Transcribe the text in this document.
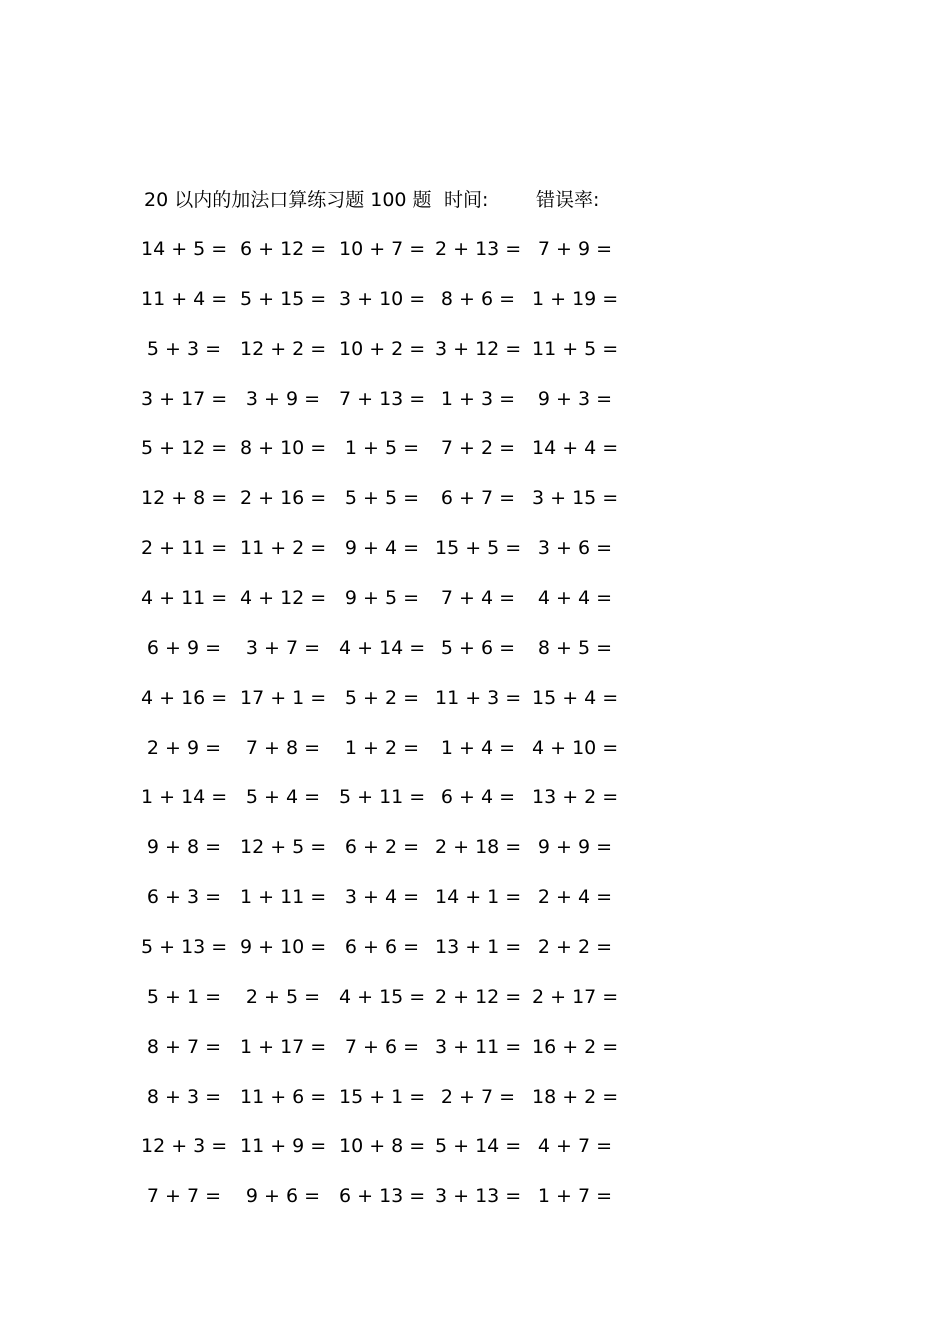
20 以内的加法口算练习题 100 题 时间:	错误率:
14 + 5 = 6 + 12 = 10 + 7 = 2 + 13 = 7 + 9 =
11 + 4 = 5 + 15 = 3 + 10 = 8 + 6 = 1 + 19 =
5 + 3 = 12 + 2 = 10 + 2 = 3 + 12 = 11 + 5 =
3 + 17 = 3 + 9 = 7 + 13 = 1 + 3 =	9 + 3 =
5 + 12 = 8 + 10 = 1 + 5 =	7 + 2 = 14 + 4 =
12 + 8 = 2 + 16 = 5 + 5 =	6 + 7 = 3 + 15 =
2 + 11 = 11 + 2 = 9 + 4 = 15 + 5 = 3 + 6 =
4 + 11 = 4 + 12 = 9 + 5 =	7 + 4 =	4 + 4 =
6 + 9 =	3 + 7 = 4 + 14 = 5 + 6 =	8 + 5 =
4 + 16 = 17 + 1 = 5 + 2 = 11 + 3 = 15 + 4 =
2 + 9 =	7 + 8 =	1 + 2 =	1 + 4 = 4 + 10 =
1 + 14 = 5 + 4 = 5 + 11 = 6 + 4 = 13 + 2 =
9 + 8 = 12 + 5 = 6 + 2 = 2 + 18 = 9 + 9 =
6 + 3 = 1 + 11 = 3 + 4 = 14 + 1 = 2 + 4 =
5 + 13 = 9 + 10 = 6 + 6 = 13 + 1 = 2 + 2 =
5 + 1 =	2 + 5 = 4 + 15 = 2 + 12 = 2 + 17 =
8 + 7 = 1 + 17 = 7 + 6 = 3 + 11 = 16 + 2 =
8 + 3 = 11 + 6 = 15 + 1 = 2 + 7 = 18 + 2 =
12 + 3 = 11 + 9 = 10 + 8 = 5 + 14 = 4 + 7 =
7 + 7 =	9 + 6 = 6 + 13 = 3 + 13 = 1 + 7 =
